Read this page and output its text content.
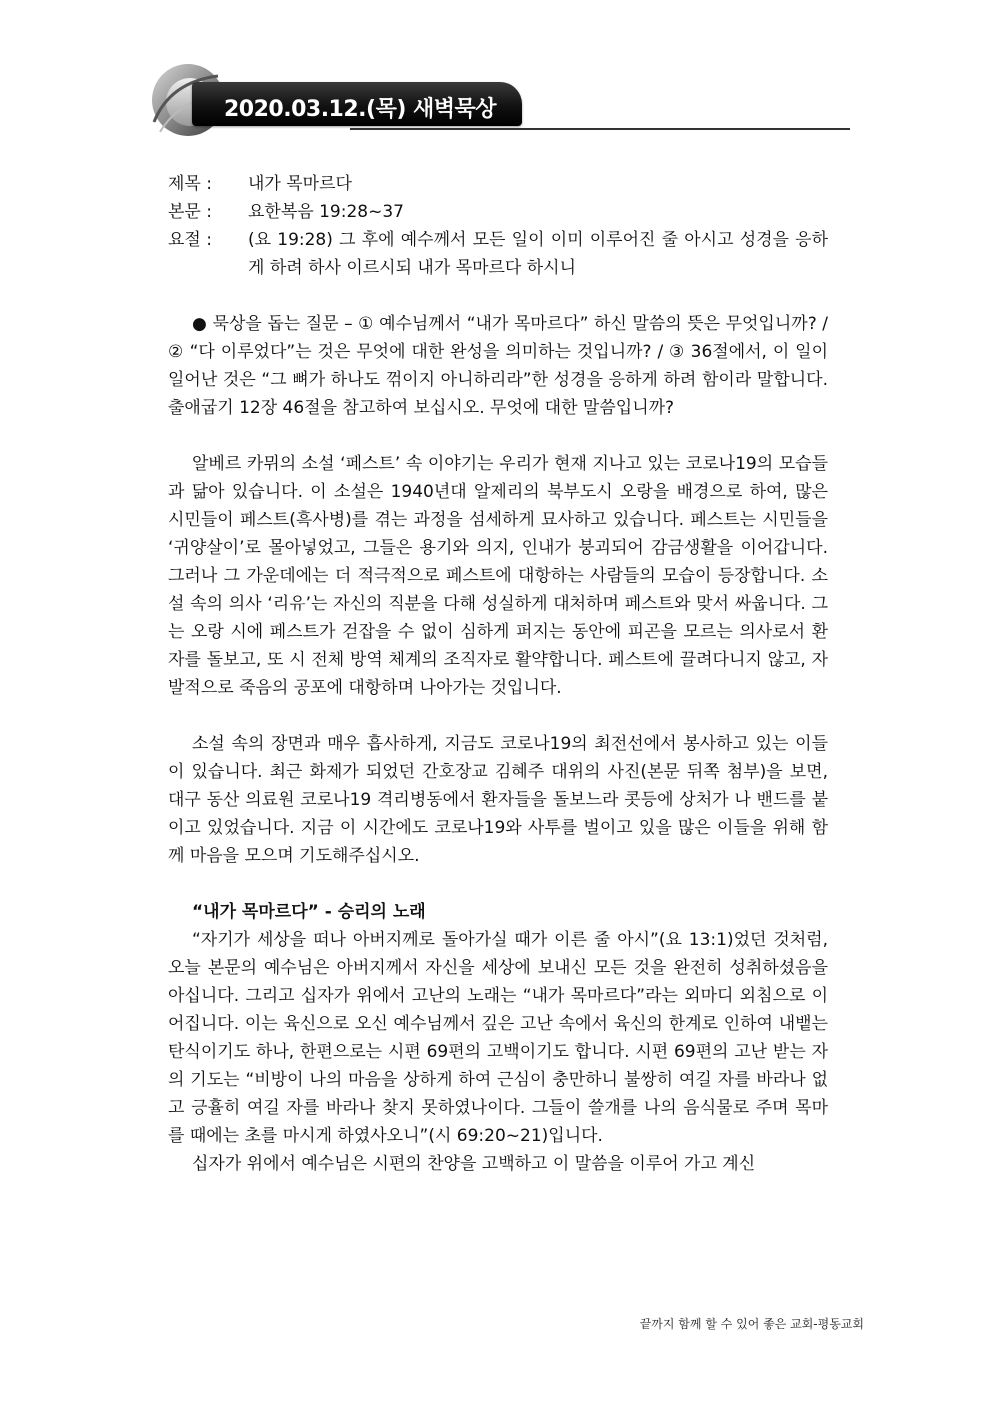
2020.03.12.(목) 새벽묵상
제목 :	내가 목마르다
본문 :	요한복음 19:28~37
요절 :	(요 19:28) 그 후에 예수께서 모든 일이 이미 이루어진 줄 아시고 성경을 응하게 하려 하사 이르시되 내가 목마르다 하시니

● 묵상을 돕는 질문 – ① 예수님께서 “내가 목마르다” 하신 말씀의 뜻은 무엇입니까? / ② “다 이루었다”는 것은 무엇에 대한 완성을 의미하는 것입니까? / ③ 36절에서, 이 일이 일어난 것은 “그 뼈가 하나도 꺾이지 아니하리라”한 성경을 응하게 하려 함이라 말합니다. 출애굽기 12장 46절을 참고하여 보십시오. 무엇에 대한 말씀입니까?

알베르 카뮈의 소설 ‘페스트’ 속 이야기는 우리가 현재 지나고 있는 코로나19의 모습들과 닮아 있습니다. 이 소설은 1940년대 알제리의 북부도시 오랑을 배경으로 하여, 많은 시민들이 페스트(흑사병)를 겪는 과정을 섬세하게 묘사하고 있습니다. 페스트는 시민들을 ‘귀양살이’로 몰아넣었고, 그들은 용기와 의지, 인내가 붕괴되어 감금생활을 이어갑니다. 그러나 그 가운데에는 더 적극적으로 페스트에 대항하는 사람들의 모습이 등장합니다. 소설 속의 의사 ‘리유’는 자신의 직분을 다해 성실하게 대처하며 페스트와 맞서 싸웁니다. 그는 오랑 시에 페스트가 걷잡을 수 없이 심하게 퍼지는 동안에 피곤을 모르는 의사로서 환자를 돌보고, 또 시 전체 방역 체계의 조직자로 활약합니다. 페스트에 끌려다니지 않고, 자발적으로 죽음의 공포에 대항하며 나아가는 것입니다.

소설 속의 장면과 매우 흡사하게, 지금도 코로나19의 최전선에서 봉사하고 있는 이들이 있습니다. 최근 화제가 되었던 간호장교 김혜주 대위의 사진(본문 뒤쪽 첨부)을 보면, 대구 동산 의료원 코로나19 격리병동에서 환자들을 돌보느라 콧등에 상처가 나 밴드를 붙이고 있었습니다. 지금 이 시간에도 코로나19와 사투를 벌이고 있을 많은 이들을 위해 함께 마음을 모으며 기도해주십시오.

“내가 목마르다” - 승리의 노래

“자기가 세상을 떠나 아버지께로 돌아가실 때가 이른 줄 아시”(요 13:1)었던 것처럼, 오늘 본문의 예수님은 아버지께서 자신을 세상에 보내신 모든 것을 완전히 성취하셨음을 아십니다. 그리고 십자가 위에서 고난의 노래는 “내가 목마르다”라는 외마디 외침으로 이어집니다. 이는 육신으로 오신 예수님께서 깊은 고난 속에서 육신의 한계로 인하여 내뱉는 탄식이기도 하나, 한편으로는 시편 69편의 고백이기도 합니다. 시편 69편의 고난 받는 자의 기도는 “비방이 나의 마음을 상하게 하여 근심이 충만하니 불쌍히 여길 자를 바라나 없고 긍휼히 여길 자를 바라나 찾지 못하였나이다. 그들이 쓸개를 나의 음식물로 주며 목마를 때에는 초를 마시게 하였사오니”(시 69:20~21)입니다.

십자가 위에서 예수님은 시편의 찬양을 고백하고 이 말씀을 이루어 가고 계신

끝까지 함께 할 수 있어 좋은 교회-평동교회
